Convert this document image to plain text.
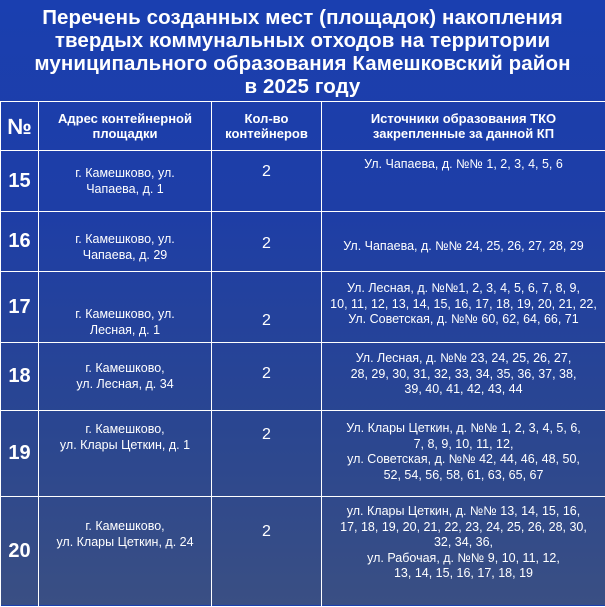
Перечень созданных мест (площадок) накопления
твердых коммунальных отходов на территории
муниципального образования Камешковский район
в 2025 году
№	Адрес контейнерной
площадки	Кол-во
контейнеров	Источники образования ТКО
закрепленные за данной КП

15	г. Камешково, ул.
Чапаева, д. 1	2	Ул. Чапаева, д. №№ 1, 2, 3, 4, 5, 6

16	г. Камешково, ул.
Чапаева, д. 29	2	Ул. Чапаева, д. №№ 24, 25, 26, 27, 28, 29

17	г. Камешково, ул.
Лесная, д. 1	2	Ул. Лесная, д. №№1, 2, 3, 4, 5, 6, 7, 8, 9,
10, 11, 12, 13, 14, 15, 16, 17, 18, 19, 20, 21, 22,
Ул. Советская, д. №№ 60, 62, 64, 66, 71

18	г. Камешково,
ул. Лесная, д. 34	2	Ул. Лесная, д. №№ 23, 24, 25, 26, 27,
28, 29, 30, 31, 32, 33, 34, 35, 36, 37, 38,
39, 40, 41, 42, 43, 44

19	г. Камешково,
ул. Клары Цеткин, д. 1	2	Ул. Клары Цеткин, д. №№ 1, 2, 3, 4, 5, 6,
7, 8, 9, 10, 11, 12,
ул. Советская, д. №№ 42, 44, 46, 48, 50,
52, 54, 56, 58, 61, 63, 65, 67

20	г. Камешково,
ул. Клары Цеткин, д. 24	2	ул. Клары Цеткин, д. №№ 13, 14, 15, 16,
17, 18, 19, 20, 21, 22, 23, 24, 25, 26, 28, 30,
32, 34, 36,
ул. Рабочая, д. №№ 9, 10, 11, 12,
13, 14, 15, 16, 17, 18, 19
